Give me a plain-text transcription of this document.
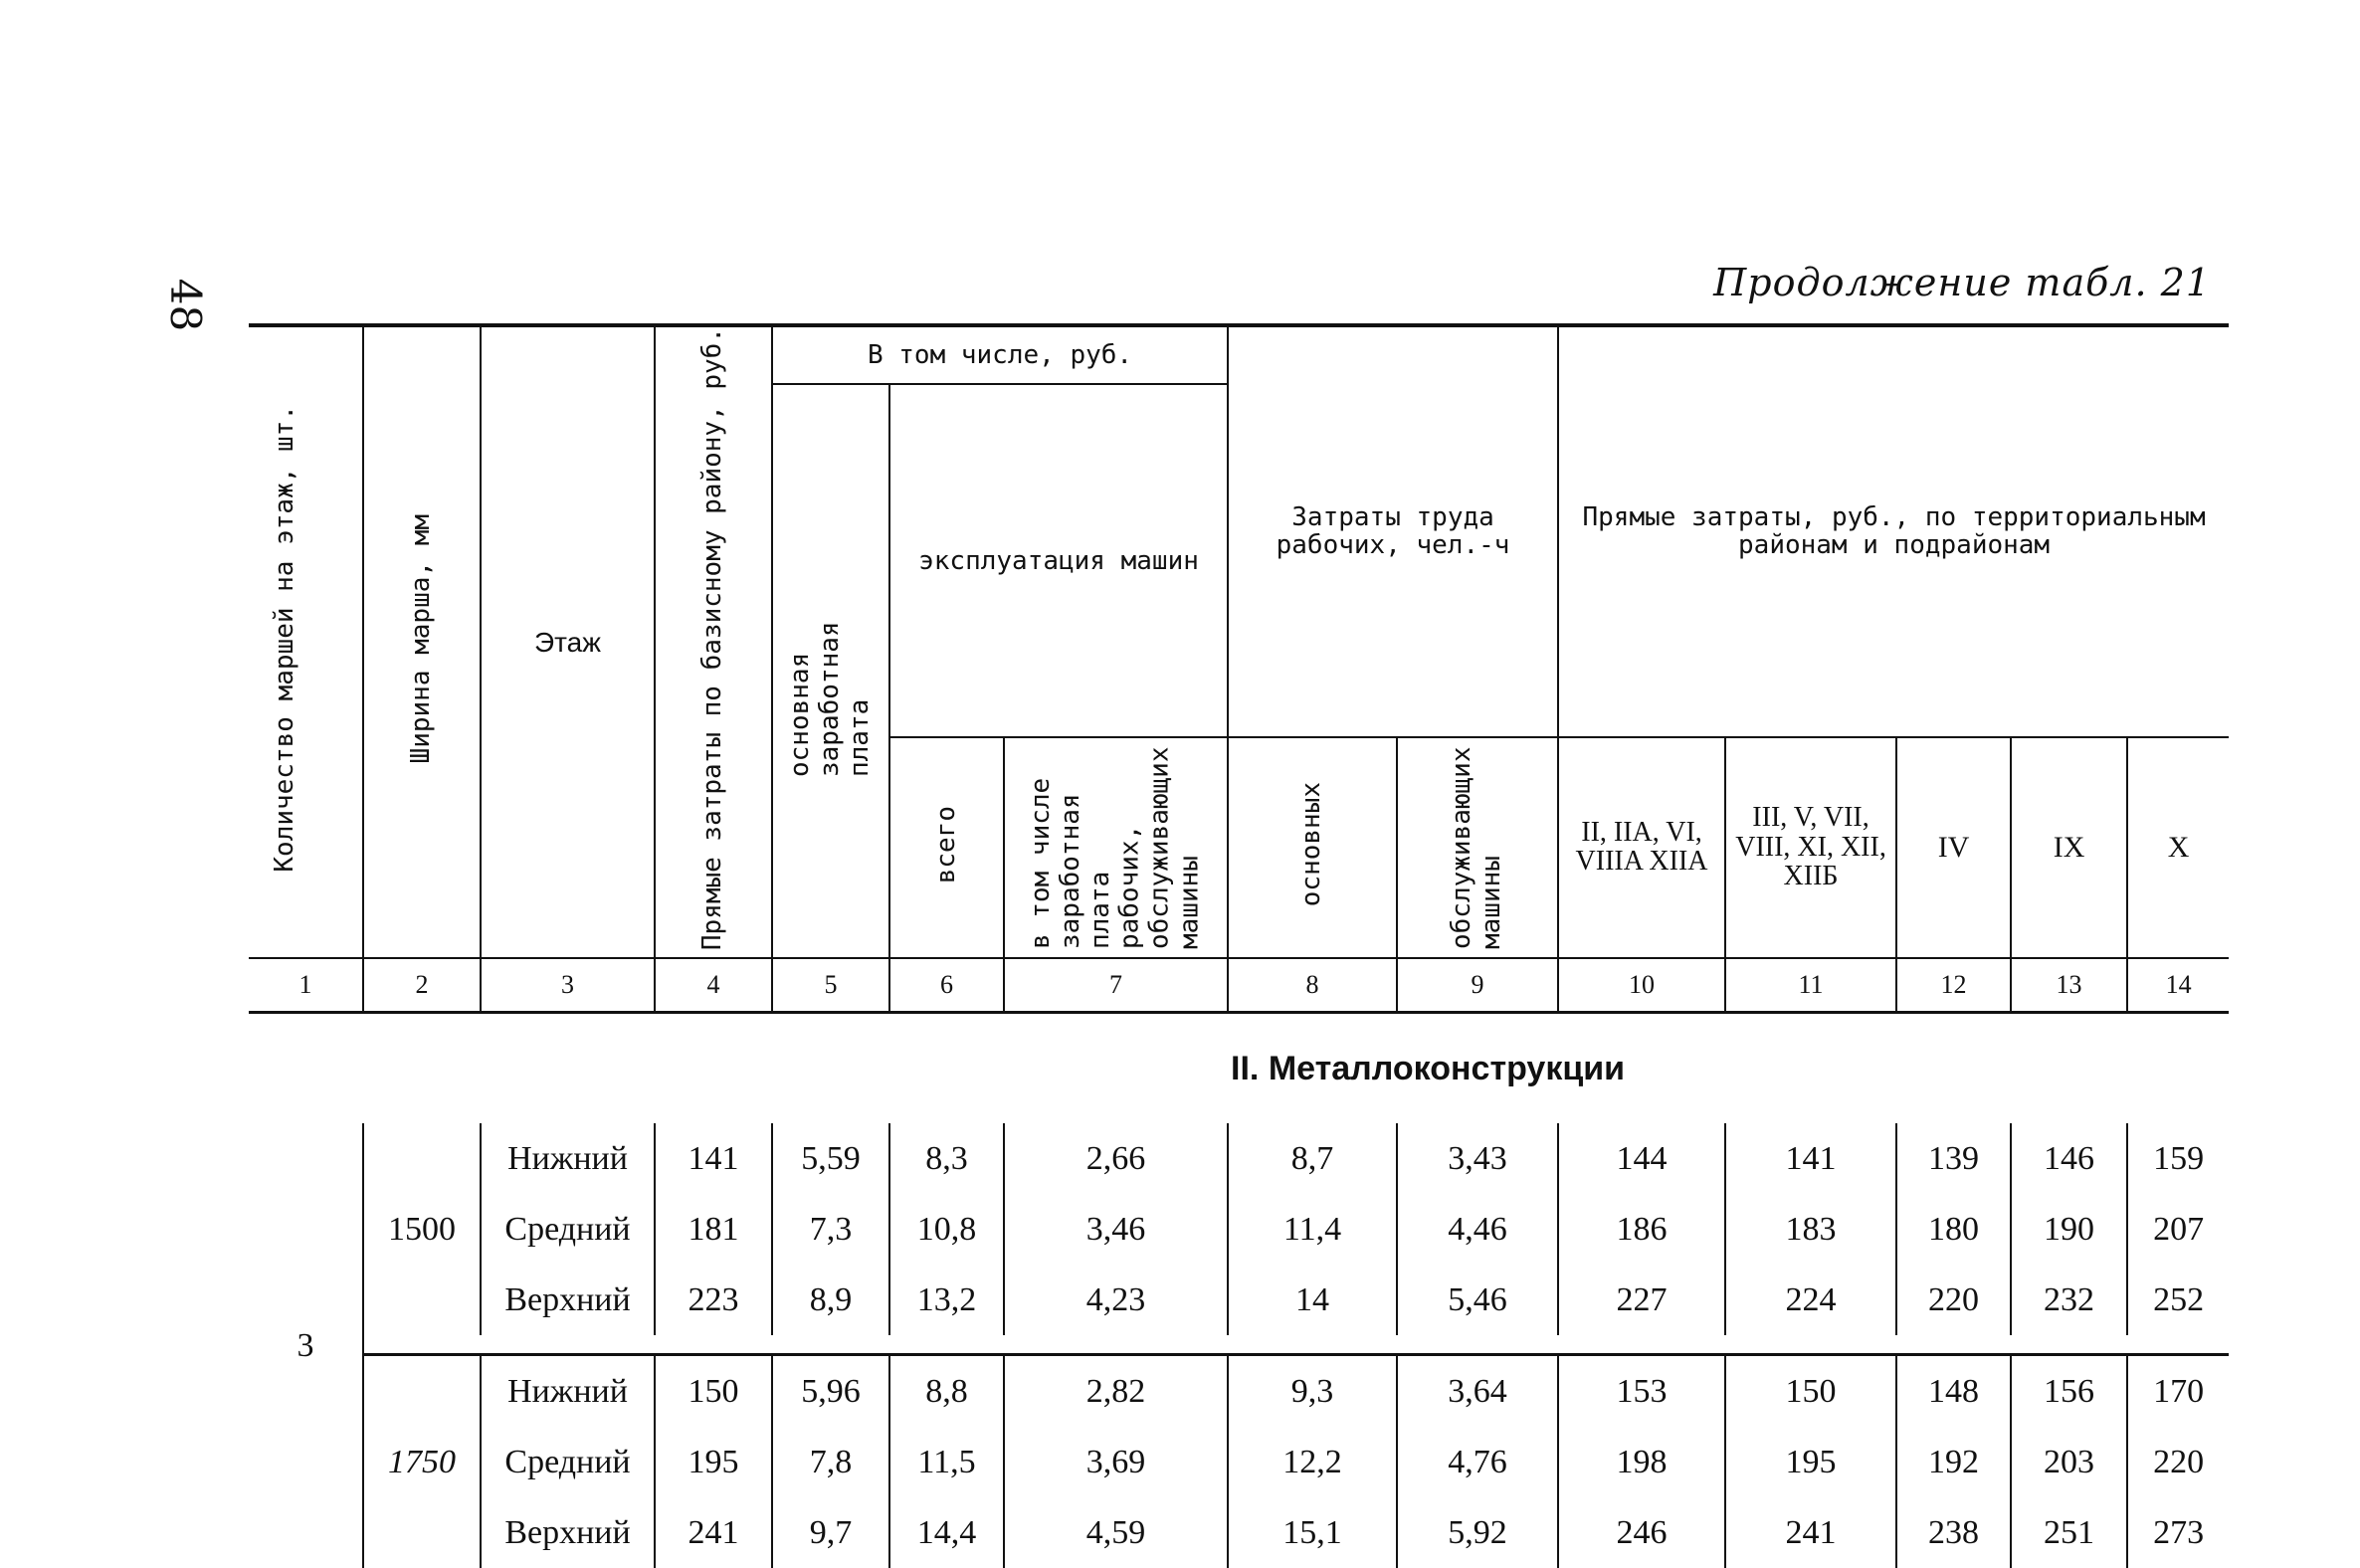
48	Продолжение табл. 21
Количество маршей на этаж, шт.	Ширина марша, мм	Этаж	Прямые затраты по базисному району, руб.	В том числе, руб.			Затраты труда рабочих, чел.-ч		Прямые затраты, руб., по территориальным районам и подрайонам				
				основная заработная плата	эксплуатация машин								
					всего	в том числе заработная плата рабочих, обслуживающих машины	основных	обслуживающих машины	II, IIA, VI, VIIIA XIIA	III, V, VII, VIII, XI, XII, XIIБ	IV	IX	X
1	2	3	4	5	6	7	8	9	10	11	12	13	14
II. Металлоконструкции													
3	1500	Нижний	141	5,59	8,3	2,66	8,7	3,43	144	141	139	146	159
		Средний	181	7,3	10,8	3,46	11,4	4,46	186	183	180	190	207
		Верхний	223	8,9	13,2	4,23	14	5,46	227	224	220	232	252

	1750	Нижний	150	5,96	8,8	2,82	9,3	3,64	153	150	148	156	170
		Средний	195	7,8	11,5	3,69	12,2	4,76	198	195	192	203	220
		Верхний	241	9,7	14,4	4,59	15,1	5,92	246	241	238	251	273
